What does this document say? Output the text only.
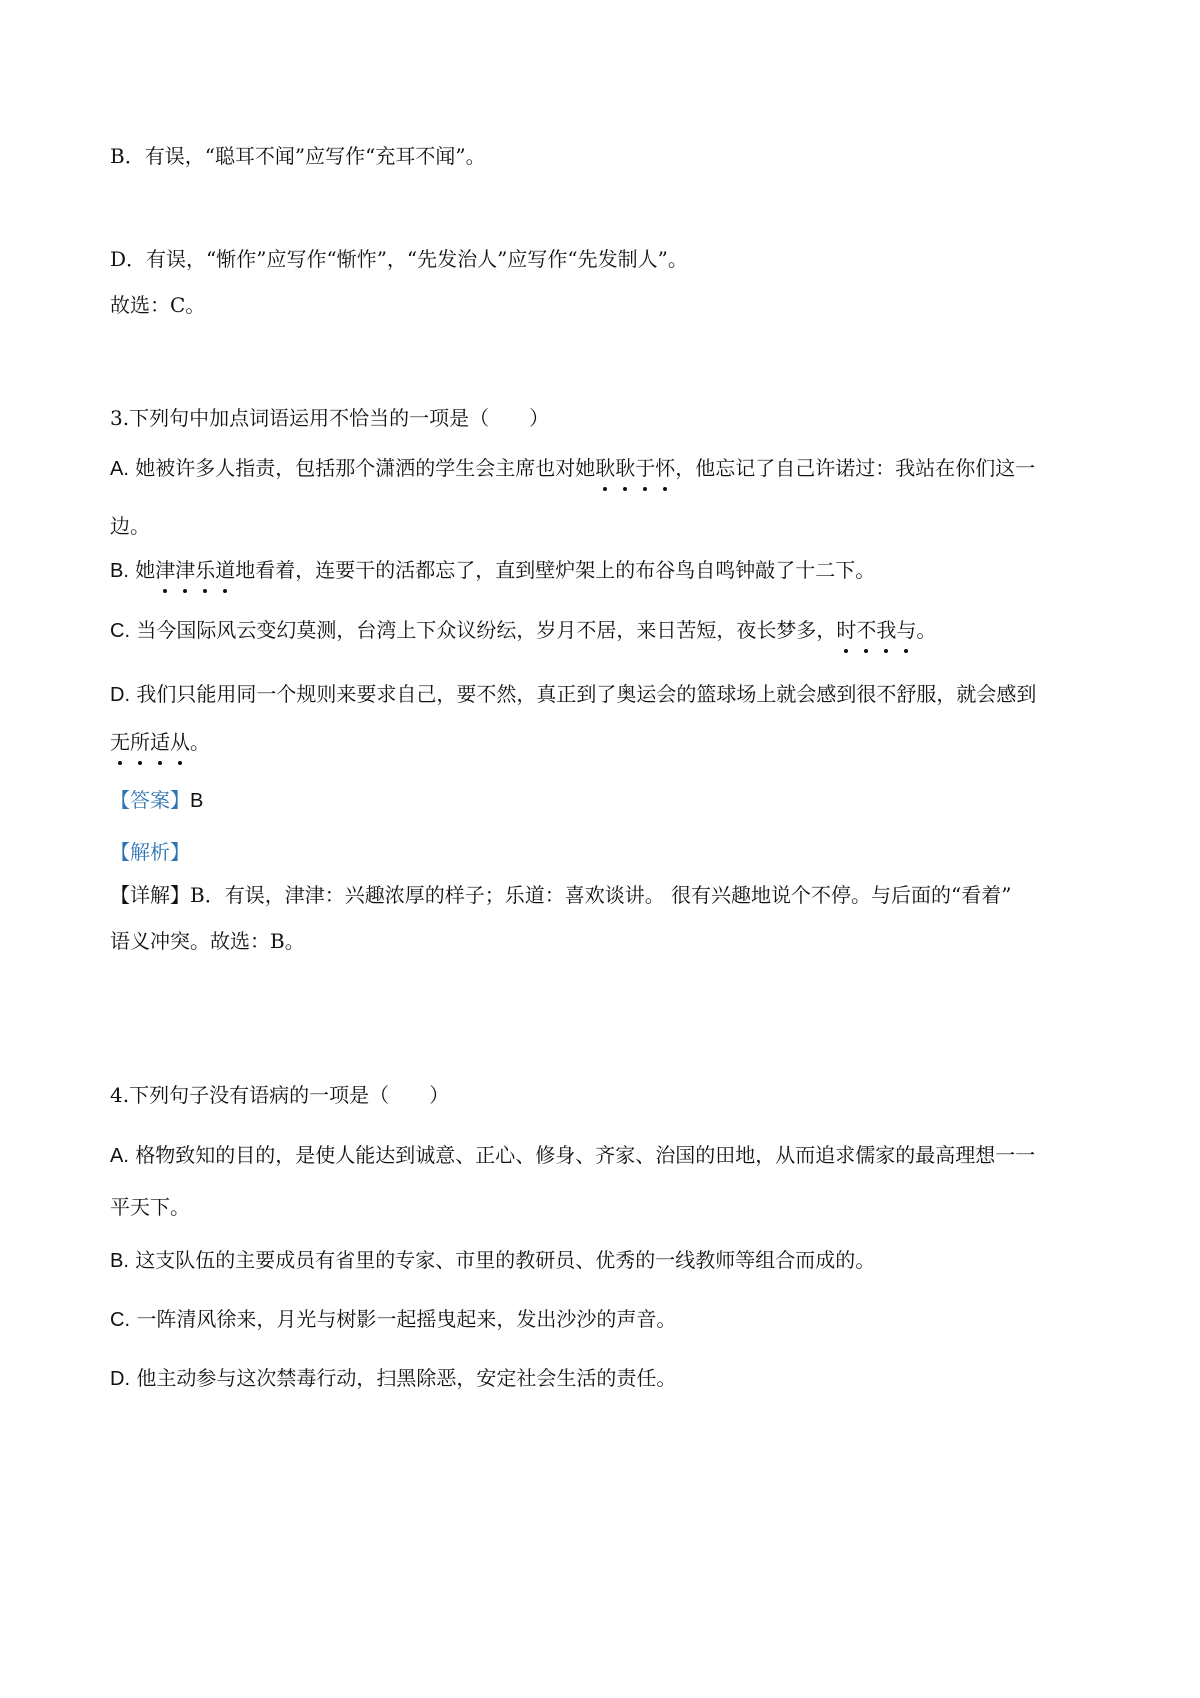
B．有误，“聪耳不闻”应写作“充耳不闻”。
D．有误，“惭作”应写作“惭怍”，“先发治人”应写作“先发制人”。
故选：C。
3.下列句中加点词语运用不恰当的一项是（　　）
A. 她被许多人指责，包括那个潇洒的学生会主席也对她耿耿于怀，他忘记了自己许诺过：我站在你们这一
边。
B. 她津津乐道地看着，连要干的活都忘了，直到壁炉架上的布谷鸟自鸣钟敲了十二下。
C. 当今国际风云变幻莫测，台湾上下众议纷纭，岁月不居，来日苦短，夜长梦多，时不我与。
D. 我们只能用同一个规则来要求自己，要不然，真正到了奥运会的篮球场上就会感到很不舒服，就会感到
无所适从。
【答案】B
【解析】
【详解】B．有误，津津：兴趣浓厚的样子；乐道：喜欢谈讲。 很有兴趣地说个不停。与后面的“看着”
语义冲突。故选：B。
4.下列句子没有语病的一项是（　　）
A. 格物致知的目的，是使人能达到诚意、正心、修身、齐家、治国的田地，从而追求儒家的最高理想一一
平天下。
B. 这支队伍的主要成员有省里的专家、市里的教研员、优秀的一线教师等组合而成的。
C. 一阵清风徐来，月光与树影一起摇曳起来，发出沙沙的声音。
D. 他主动参与这次禁毒行动，扫黑除恶，安定社会生活的责任。
